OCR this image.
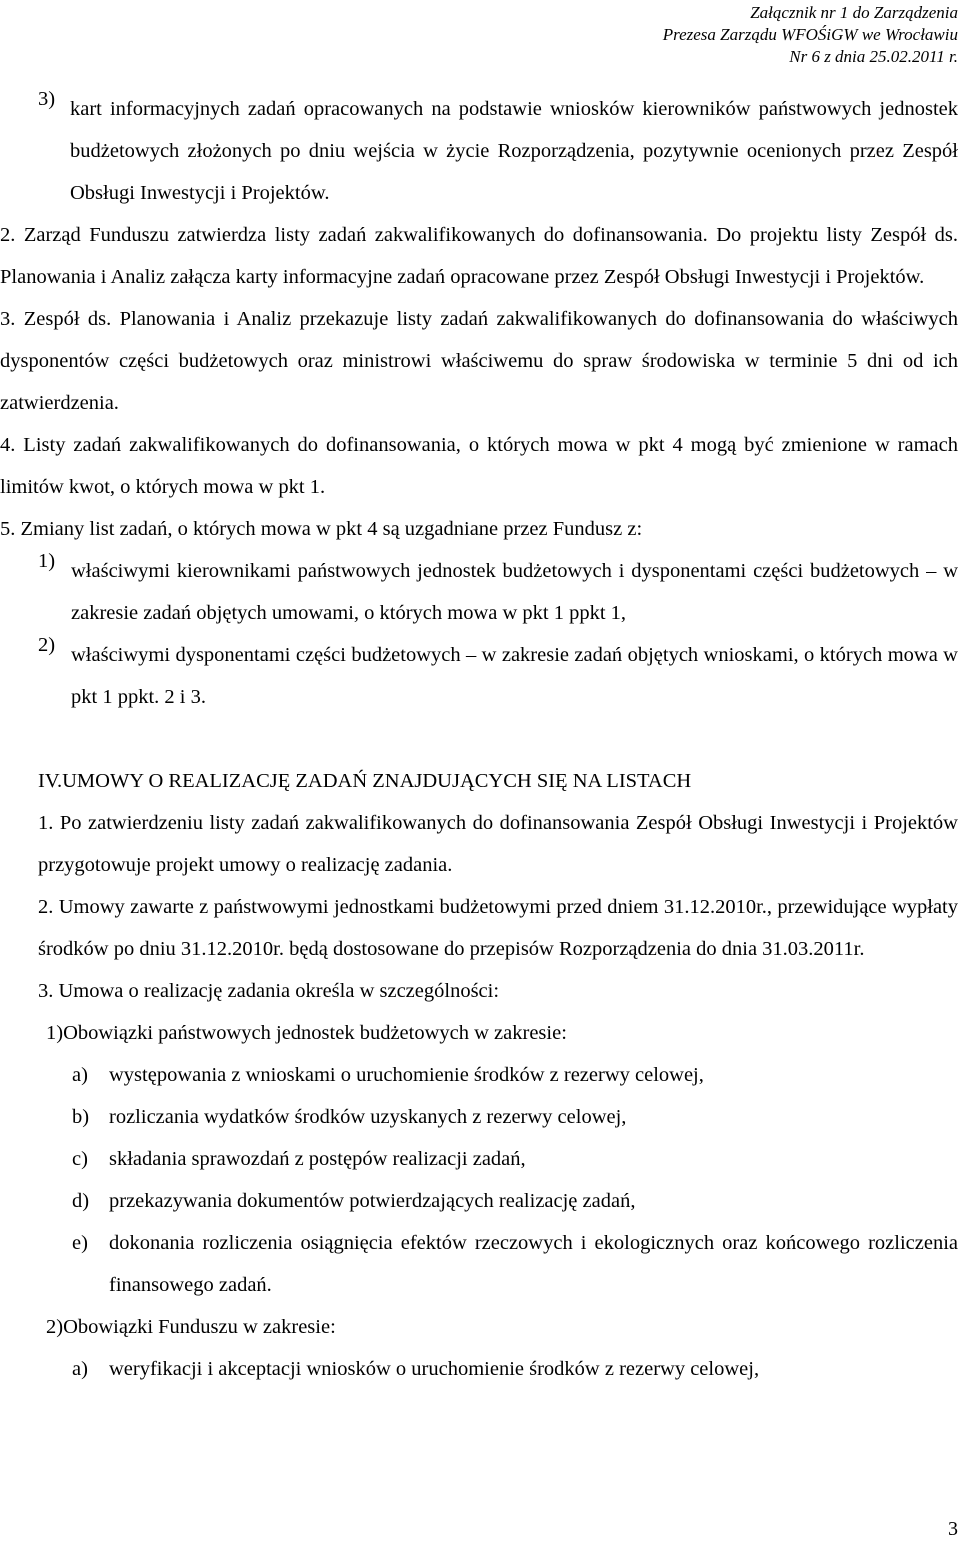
Załącznik nr 1 do Zarządzenia
Prezesa Zarządu WFOŚiGW we Wrocławiu
Nr 6 z dnia 25.02.2011 r.
3) kart informacyjnych zadań opracowanych na podstawie wniosków kierowników państwowych jednostek budżetowych złożonych po dniu wejścia w życie Rozporządzenia, pozytywnie ocenionych przez Zespół Obsługi Inwestycji i Projektów.

2. Zarząd Funduszu zatwierdza listy zadań zakwalifikowanych do dofinansowania. Do projektu listy Zespół ds. Planowania i Analiz załącza karty informacyjne zadań opracowane przez Zespół Obsługi Inwestycji i Projektów.

3. Zespół ds. Planowania i Analiz przekazuje listy zadań zakwalifikowanych do dofinansowania do właściwych dysponentów części budżetowych oraz ministrowi właściwemu do spraw środowiska w terminie 5 dni od ich zatwierdzenia.

4. Listy zadań zakwalifikowanych do dofinansowania, o których mowa w pkt 4 mogą być zmienione w ramach limitów kwot, o których mowa w pkt 1.

5. Zmiany list zadań, o których mowa w pkt 4 są uzgadniane przez Fundusz z:

1) właściwymi kierownikami państwowych jednostek budżetowych i dysponentami części budżetowych – w zakresie zadań objętych umowami, o których mowa w pkt 1 ppkt 1,
2) właściwymi dysponentami części budżetowych – w zakresie zadań objętych wnioskami, o których mowa w pkt 1 ppkt. 2 i 3.
IV. UMOWY O REALIZACJĘ ZADAŃ ZNAJDUJĄCYCH SIĘ NA LISTACH
1. Po zatwierdzeniu listy zadań zakwalifikowanych do dofinansowania Zespół Obsługi Inwestycji i Projektów przygotowuje projekt umowy o realizację zadania.
2. Umowy zawarte z państwowymi jednostkami budżetowymi przed dniem 31.12.2010r., przewidujące wypłaty środków po dniu 31.12.2010r. będą dostosowane do przepisów Rozporządzenia do dnia 31.03.2011r.
3. Umowa o realizację zadania określa w szczególności:
1) Obowiązki państwowych jednostek budżetowych w zakresie:
a)	występowania z wnioskami o uruchomienie środków z rezerwy celowej,
b) rozliczania wydatków środków uzyskanych z rezerwy celowej,
c)	składania sprawozdań z postępów realizacji zadań,
d) przekazywania dokumentów potwierdzających realizację zadań,
e)	dokonania rozliczenia osiągnięcia efektów rzeczowych i ekologicznych oraz końcowego rozliczenia finansowego zadań.
2) Obowiązki Funduszu w zakresie:
a)	weryfikacji i akceptacji wniosków o uruchomienie środków z rezerwy celowej,
3
